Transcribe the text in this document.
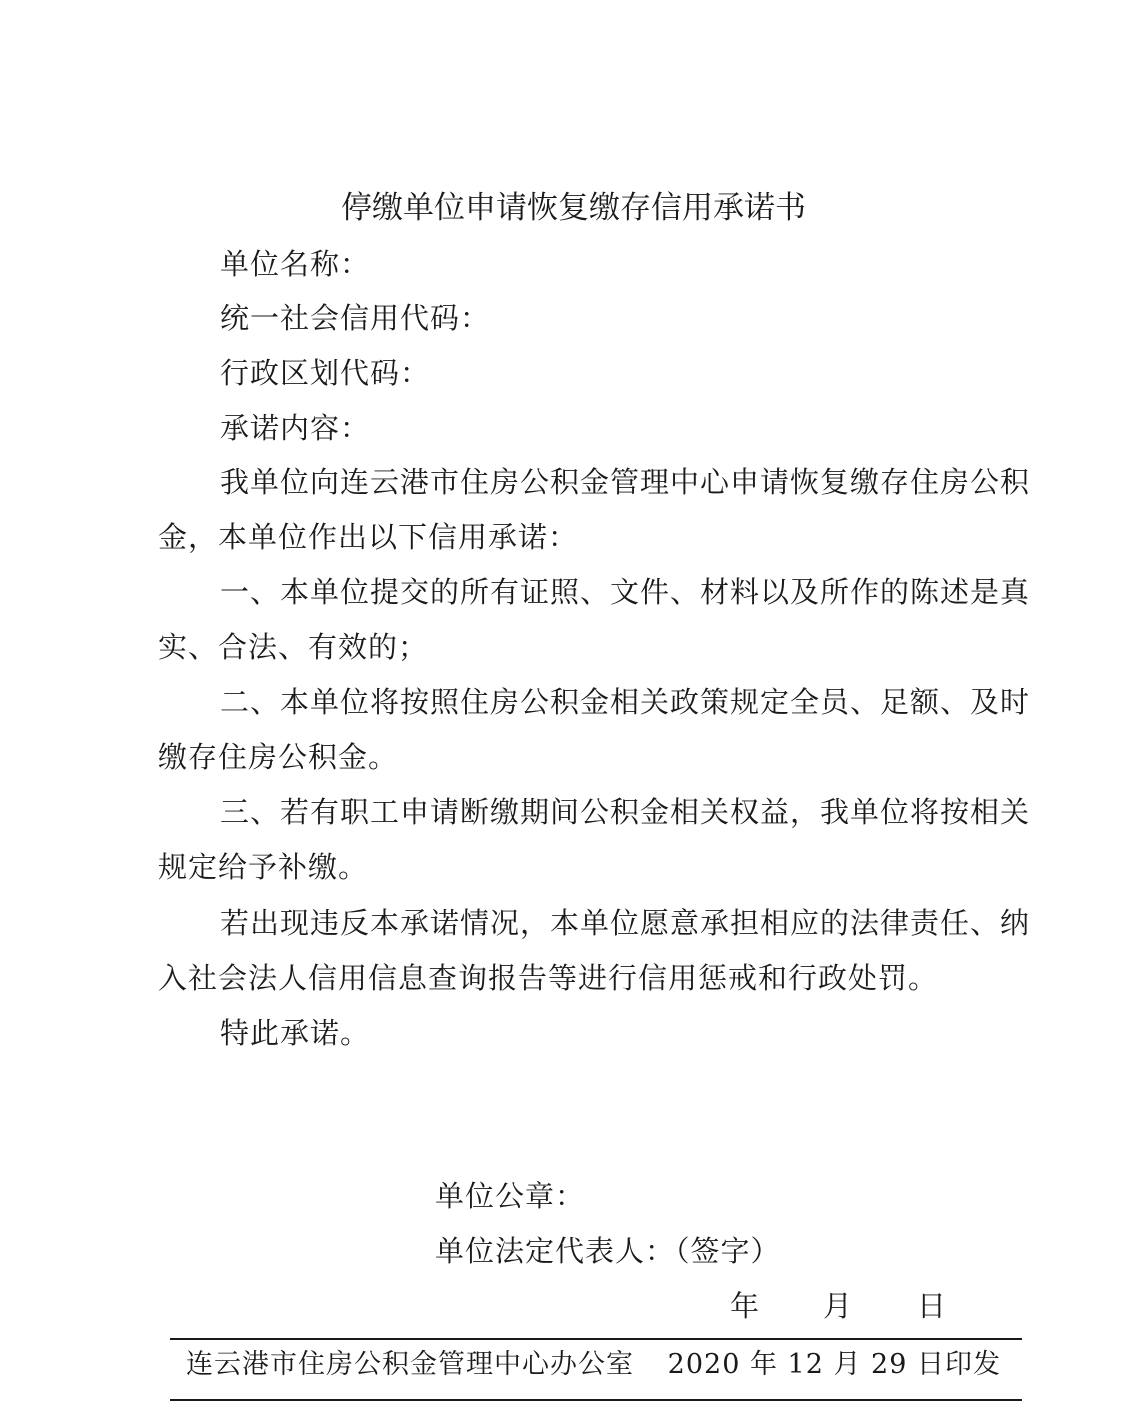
停缴单位申请恢复缴存信用承诺书
单位名称：
统一社会信用代码：
行政区划代码：
承诺内容：

我单位向连云港市住房公积金管理中心申请恢复缴存住房公积金，本单位作出以下信用承诺：

一、本单位提交的所有证照、文件、材料以及所作的陈述是真实、合法、有效的；

二、本单位将按照住房公积金相关政策规定全员、足额、及时缴存住房公积金。

三、若有职工申请断缴期间公积金相关权益，我单位将按相关规定给予补缴。

若出现违反本承诺情况，本单位愿意承担相应的法律责任、纳入社会法人信用信息查询报告等进行信用惩戒和行政处罚。

特此承诺。

单位公章：
单位法定代表人：（签字）
年 月 日
连云港市住房公积金管理中心办公室 2020 年 12 月 29 日印发
